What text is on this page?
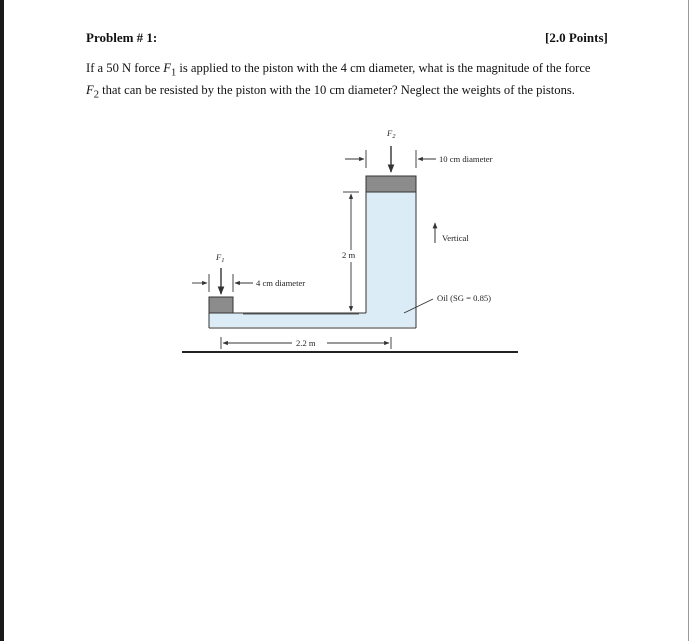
Problem # 1:	[2.0 Points]

If a 50 N force $F_1$ is applied to the piston with the 4 cm diameter, what is the magnitude of the force $F_2$ that can be resisted by the piston with the 10 cm diameter? Neglect the weights of the pistons.

$F_2$
10 cm diameter
Vertical
2 m
$F_1$
4 cm diameter
2.2 m
Oil (SG = 0.85)
